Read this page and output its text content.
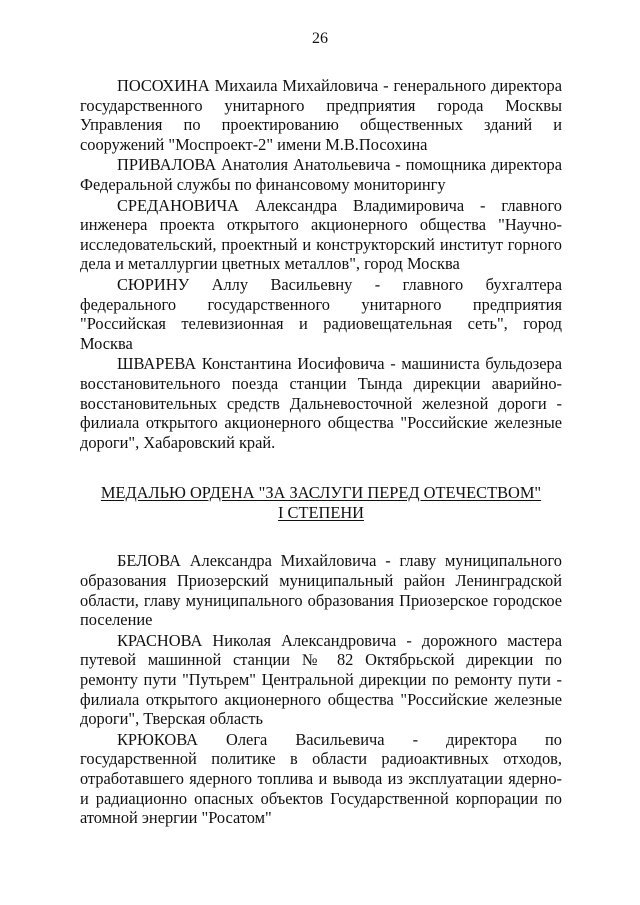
26

ПОСОХИНА Михаила Михайловича - генерального директора государственного унитарного предприятия города Москвы Управления по проектированию общественных зданий и сооружений "Моспроект-2" имени М.В.Посохина

ПРИВАЛОВА Анатолия Анатольевича - помощника директора Федеральной службы по финансовому мониторингу

СРЕДАНОВИЧА Александра Владимировича - главного инженера проекта открытого акционерного общества "Научно-исследовательский, проектный и конструкторский институт горного дела и металлургии цветных металлов", город Москва

СЮРИНУ Аллу Васильевну - главного бухгалтера федерального государственного унитарного предприятия "Российская телевизионная и радиовещательная сеть", город Москва

ШВАРЕВА Константина Иосифовича - машиниста бульдозера восстановительного поезда станции Тында дирекции аварийно-восстановительных средств Дальневосточной железной дороги - филиала открытого акционерного общества "Российские железные дороги", Хабаровский край.

МЕДАЛЬЮ ОРДЕНА "ЗА ЗАСЛУГИ ПЕРЕД ОТЕЧЕСТВОМ"
I СТЕПЕНИ

БЕЛОВА Александра Михайловича - главу муниципального образования Приозерский муниципальный район Ленинградской области, главу муниципального образования Приозерское городское поселение

КРАСНОВА Николая Александровича - дорожного мастера путевой машинной станции № 82 Октябрьской дирекции по ремонту пути "Путьрем" Центральной дирекции по ремонту пути - филиала открытого акционерного общества "Российские железные дороги", Тверская область

КРЮКОВА Олега Васильевича - директора по государственной политике в области радиоактивных отходов, отработавшего ядерного топлива и вывода из эксплуатации ядерно- и радиационно опасных объектов Государственной корпорации по атомной энергии "Росатом"
